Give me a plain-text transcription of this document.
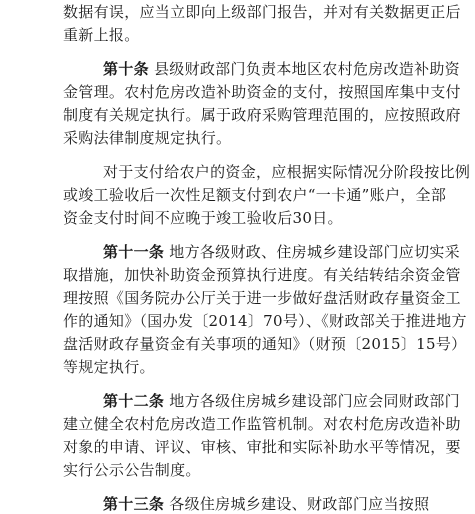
数据有误，应当立即向上级部门报告，并对有关数据更正后
重新上报。
第十条 县级财政部门负责本地区农村危房改造补助资
金管理。农村危房改造补助资金的支付，按照国库集中支付
制度有关规定执行。属于政府采购管理范围的，应按照政府
采购法律制度规定执行。
对于支付给农户的资金，应根据实际情况分阶段按比例
或竣工验收后一次性足额支付到农户“一卡通”账户，全部
资金支付时间不应晚于竣工验收后30日。
第十一条 地方各级财政、住房城乡建设部门应切实采
取措施，加快补助资金预算执行进度。有关结转结余资金管
理按照《国务院办公厅关于进一步做好盘活财政存量资金工
作的通知》（国办发〔2014〕70号）、《财政部关于推进地方
盘活财政存量资金有关事项的通知》（财预〔2015〕15号）
等规定执行。
第十二条 地方各级住房城乡建设部门应会同财政部门
建立健全农村危房改造工作监管机制。对农村危房改造补助
对象的申请、评议、审核、审批和实际补助水平等情况，要
实行公示公告制度。
第十三条 各级住房城乡建设、财政部门应当按照
